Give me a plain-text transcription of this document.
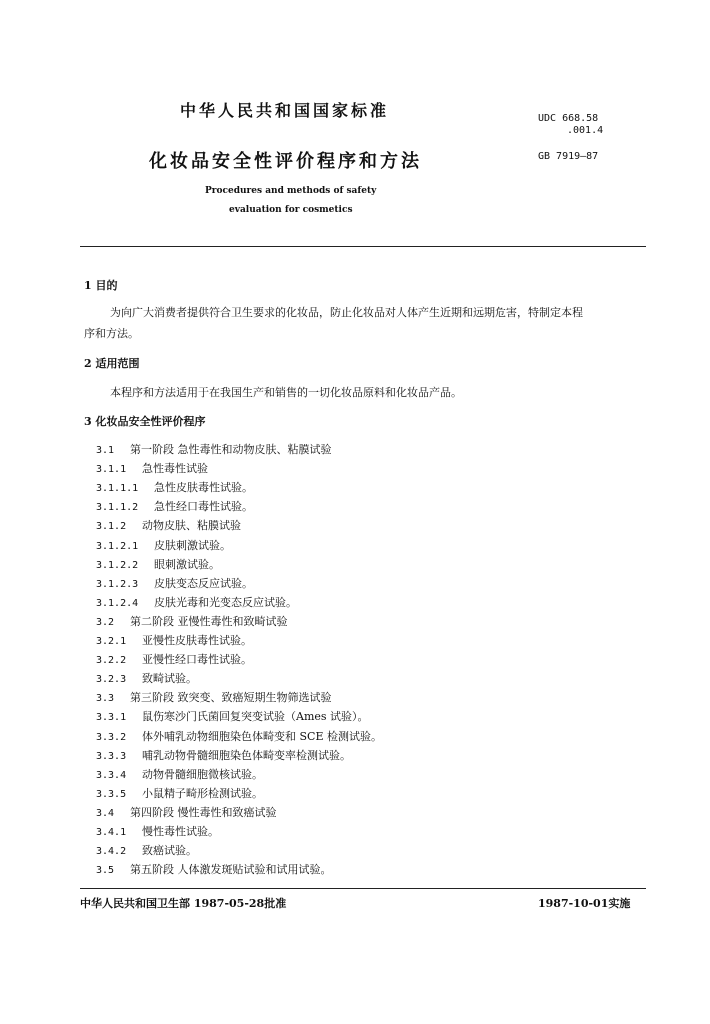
中华人民共和国国家标准	UDC 668.58
.001.4
化妆品安全性评价程序和方法	GB 7919—87
Procedures and methods of safety
evaluation for cosmetics
1 目的
为向广大消费者提供符合卫生要求的化妆品，防止化妆品对人体产生近期和远期危害，特制定本程
序和方法。
2 适用范围
本程序和方法适用于在我国生产和销售的一切化妆品原料和化妆品产品。
3 化妆品安全性评价程序
3.1 第一阶段 急性毒性和动物皮肤、粘膜试验
3.1.1 急性毒性试验
3.1.1.1 急性皮肤毒性试验。
3.1.1.2 急性经口毒性试验。
3.1.2 动物皮肤、粘膜试验
3.1.2.1 皮肤刺激试验。
3.1.2.2 眼刺激试验。
3.1.2.3 皮肤变态反应试验。
3.1.2.4 皮肤光毒和光变态反应试验。
3.2 第二阶段 亚慢性毒性和致畸试验
3.2.1 亚慢性皮肤毒性试验。
3.2.2 亚慢性经口毒性试验。
3.2.3 致畸试验。
3.3 第三阶段 致突变、致癌短期生物筛选试验
3.3.1 鼠伤寒沙门氏菌回复突变试验（Ames 试验）。
3.3.2 体外哺乳动物细胞染色体畸变和 SCE 检测试验。
3.3.3 哺乳动物骨髓细胞染色体畸变率检测试验。
3.3.4 动物骨髓细胞微核试验。
3.3.5 小鼠精子畸形检测试验。
3.4 第四阶段 慢性毒性和致癌试验
3.4.1 慢性毒性试验。
3.4.2 致癌试验。
3.5 第五阶段 人体激发斑贴试验和试用试验。
中华人民共和国卫生部 1987-05-28批准	1987-10-01实施
